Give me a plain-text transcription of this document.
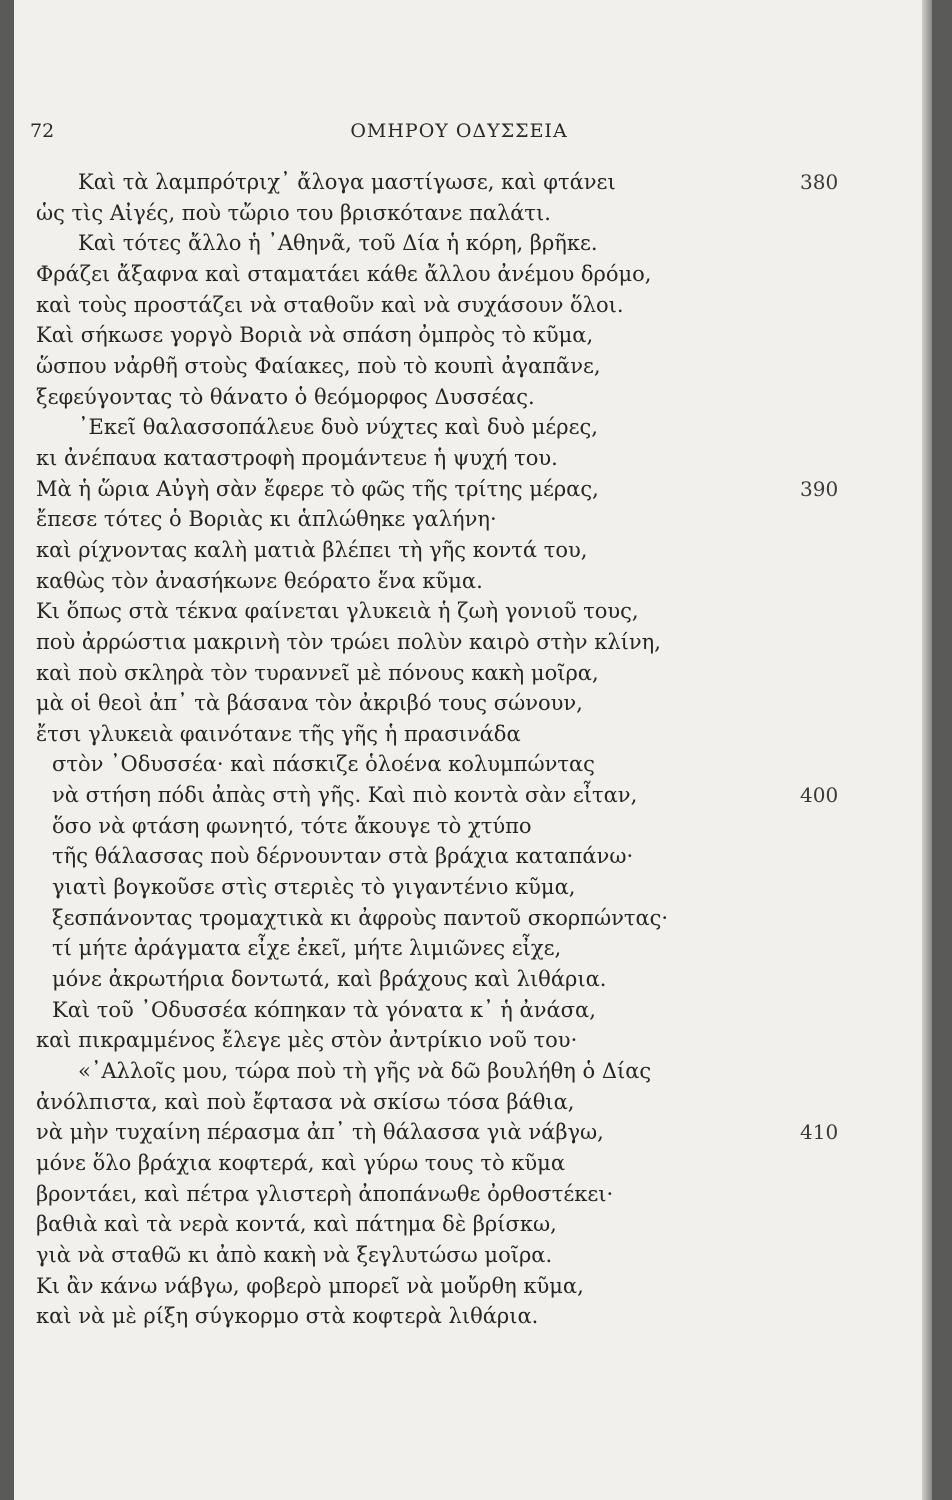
72	ΟΜΗΡΟΥ ΟΔΥΣΣΕΙΑ
Καὶ τὰ λαμπρότριχ᾽ ἄλογα μαστίγωσε, καὶ φτάνει	380
ὡς τὶς Αἰγές, ποὺ τὤριο του βρισκότανε παλάτι.
Καὶ τότες ἄλλο ἡ ᾽Αθηνᾶ, τοῦ Δία ἡ κόρη, βρῆκε.
Φράζει ἄξαφνα καὶ σταματάει κάθε ἄλλου ἀνέμου δρόμο,
καὶ τοὺς προστάζει νὰ σταθοῦν καὶ νὰ συχάσουν ὅλοι.
Καὶ σήκωσε γοργὸ Βοριὰ νὰ σπάση ὀμπρὸς τὸ κῦμα,
ὥσπου νἀρθῆ στοὺς Φαίακες, ποὺ τὸ κουπὶ ἀγαπᾶνε,
ξεφεύγοντας τὸ θάνατο ὁ θεόμορφος Δυσσέας.
᾽Εκεῖ θαλασσοπάλευε δυὸ νύχτες καὶ δυὸ μέρες,
κι ἀνέπαυα καταστροφὴ προμάντευε ἡ ψυχή του.
Μὰ ἡ ὥρια Αὐγὴ σὰν ἔφερε τὸ φῶς τῆς τρίτης μέρας,	390
ἔπεσε τότες ὁ Βοριὰς κι ἁπλώθηκε γαλήνη·
καὶ ρίχνοντας καλὴ ματιὰ βλέπει τὴ γῆς κοντά του,
καθὼς τὸν ἀνασήκωνε θεόρατο ἕνα κῦμα.
Κι ὅπως στὰ τέκνα φαίνεται γλυκειὰ ἡ ζωὴ γονιοῦ τους,
ποὺ ἀρρώστια μακρινὴ τὸν τρώει πολὺν καιρὸ στὴν κλίνη,
καὶ ποὺ σκληρὰ τὸν τυραννεῖ μὲ πόνους κακὴ μοῖρα,
μὰ οἱ θεοὶ ἀπ᾽ τὰ βάσανα τὸν ἀκριβό τους σώνουν,
ἔτσι γλυκειὰ φαινότανε τῆς γῆς ἡ πρασινάδα
στὸν ᾽Οδυσσέα· καὶ πάσκιζε ὁλοένα κολυμπώντας
νὰ στήση πόδι ἀπὰς στὴ γῆς. Καὶ πιὸ κοντὰ σὰν εἶταν,	400
ὅσο νὰ φτάση φωνητό, τότε ἄκουγε τὸ χτύπο
τῆς θάλασσας ποὺ δέρνουνταν στὰ βράχια καταπάνω·
γιατὶ βογκοῦσε στὶς στεριὲς τὸ γιγαντένιο κῦμα,
ξεσπάνοντας τρομαχτικὰ κι ἀφροὺς παντοῦ σκορπώντας·
τί μήτε ἀράγματα εἶχε ἐκεῖ, μήτε λιμιῶνες εἶχε,
μόνε ἀκρωτήρια δοντωτά, καὶ βράχους καὶ λιθάρια.
Καὶ τοῦ ᾽Οδυσσέα κόπηκαν τὰ γόνατα κ᾽ ἡ ἀνάσα,
καὶ πικραμμένος ἔλεγε μὲς στὸν ἀντρίκιο νοῦ του·
«᾽Αλλοῖς μου, τώρα ποὺ τὴ γῆς νὰ δῶ βουλήθη ὁ Δίας
ἀνόλπιστα, καὶ ποὺ ἔφτασα νὰ σκίσω τόσα βάθια,
νὰ μὴν τυχαίνη πέρασμα ἀπ᾽ τὴ θάλασσα γιὰ νάβγω,	410
μόνε ὅλο βράχια κοφτερά, καὶ γύρω τους τὸ κῦμα
βροντάει, καὶ πέτρα γλιστερὴ ἀποπάνωθε ὀρθοστέκει·
βαθιὰ καὶ τὰ νερὰ κοντά, καὶ πάτημα δὲ βρίσκω,
γιὰ νὰ σταθῶ κι ἀπὸ κακὴ νὰ ξεγλυτώσω μοῖρα.
Κι ἂν κάνω νάβγω, φοβερὸ μπορεῖ νὰ μοὔρθη κῦμα,
καὶ νὰ μὲ ρίξη σύγκορμο στὰ κοφτερὰ λιθάρια.
